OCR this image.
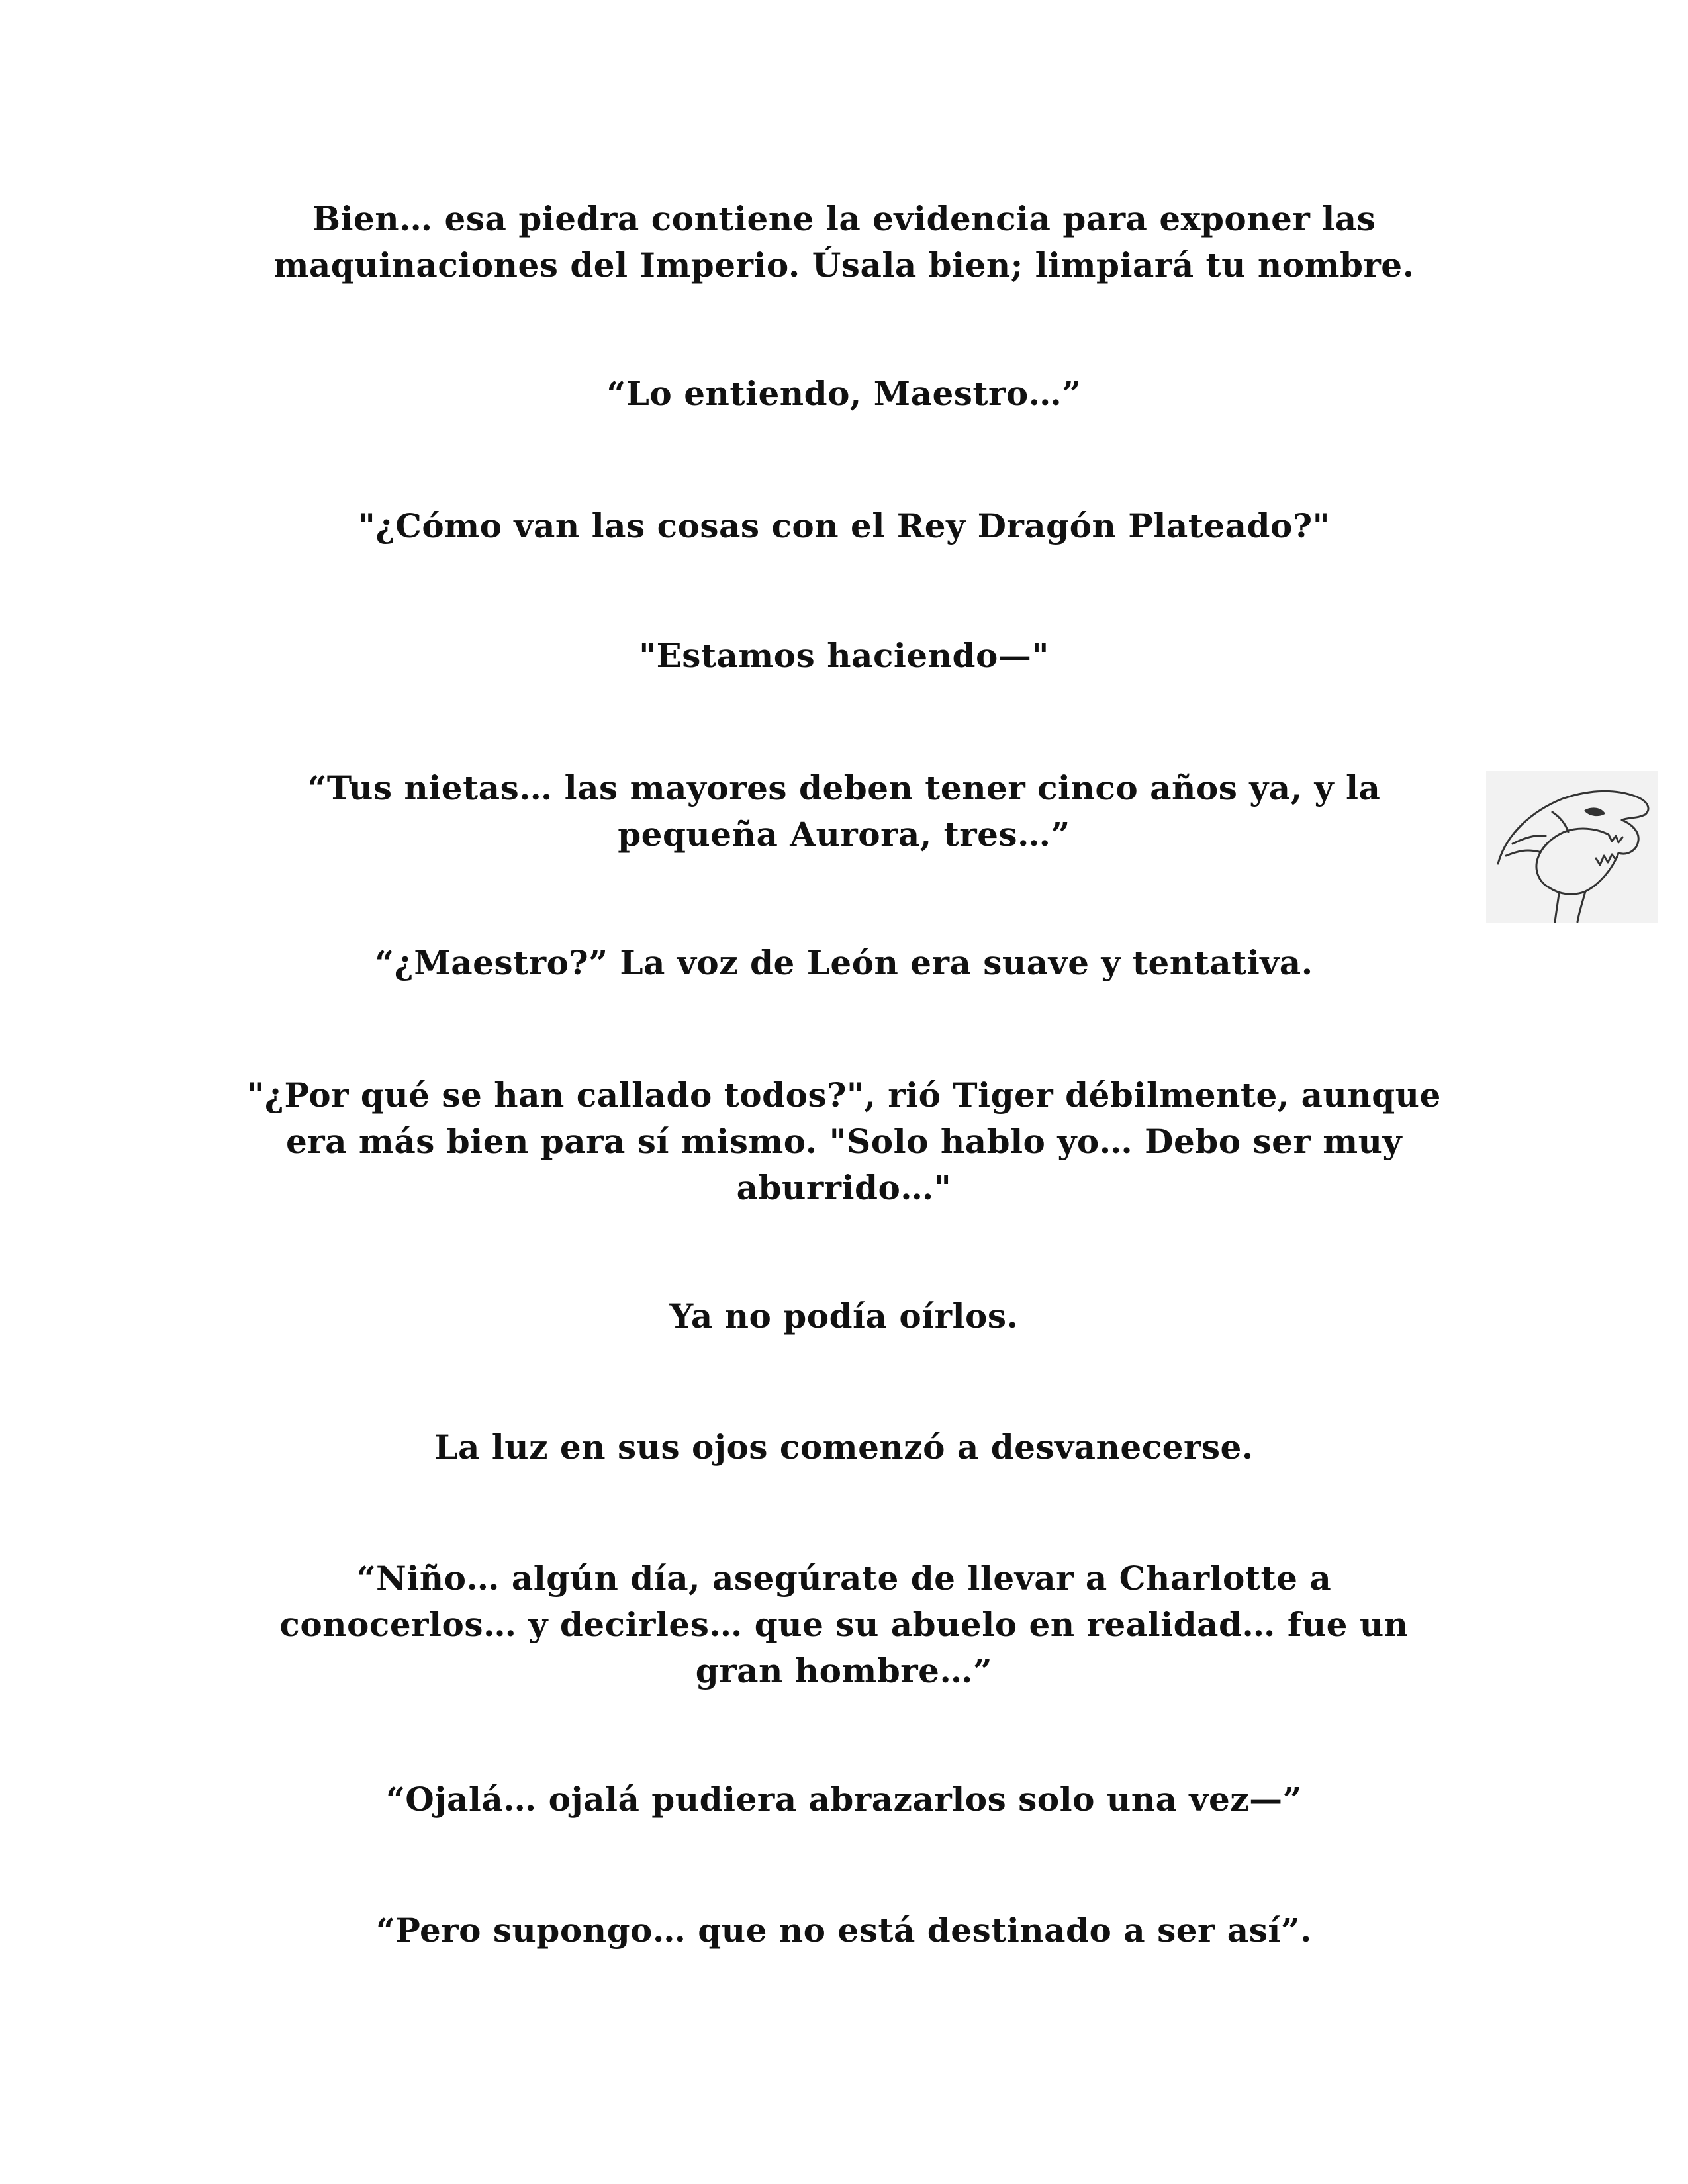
Bien… esa piedra contiene la evidencia para exponer las
maquinaciones del Imperio. Úsala bien; limpiará tu nombre.
“Lo entiendo, Maestro…”
"¿Cómo van las cosas con el Rey Dragón Plateado?"
"Estamos haciendo—"
“Tus nietas… las mayores deben tener cinco años ya, y la
pequeña Aurora, tres…”
“¿Maestro?” La voz de León era suave y tentativa.
"¿Por qué se han callado todos?", rió Tiger débilmente, aunque
era más bien para sí mismo. "Solo hablo yo… Debo ser muy
aburrido…"
Ya no podía oírlos.
La luz en sus ojos comenzó a desvanecerse.
“Niño… algún día, asegúrate de llevar a Charlotte a
conocerlos… y decirles… que su abuelo en realidad… fue un
gran hombre…”
“Ojalá… ojalá pudiera abrazarlos solo una vez—”
“Pero supongo… que no está destinado a ser así”.
